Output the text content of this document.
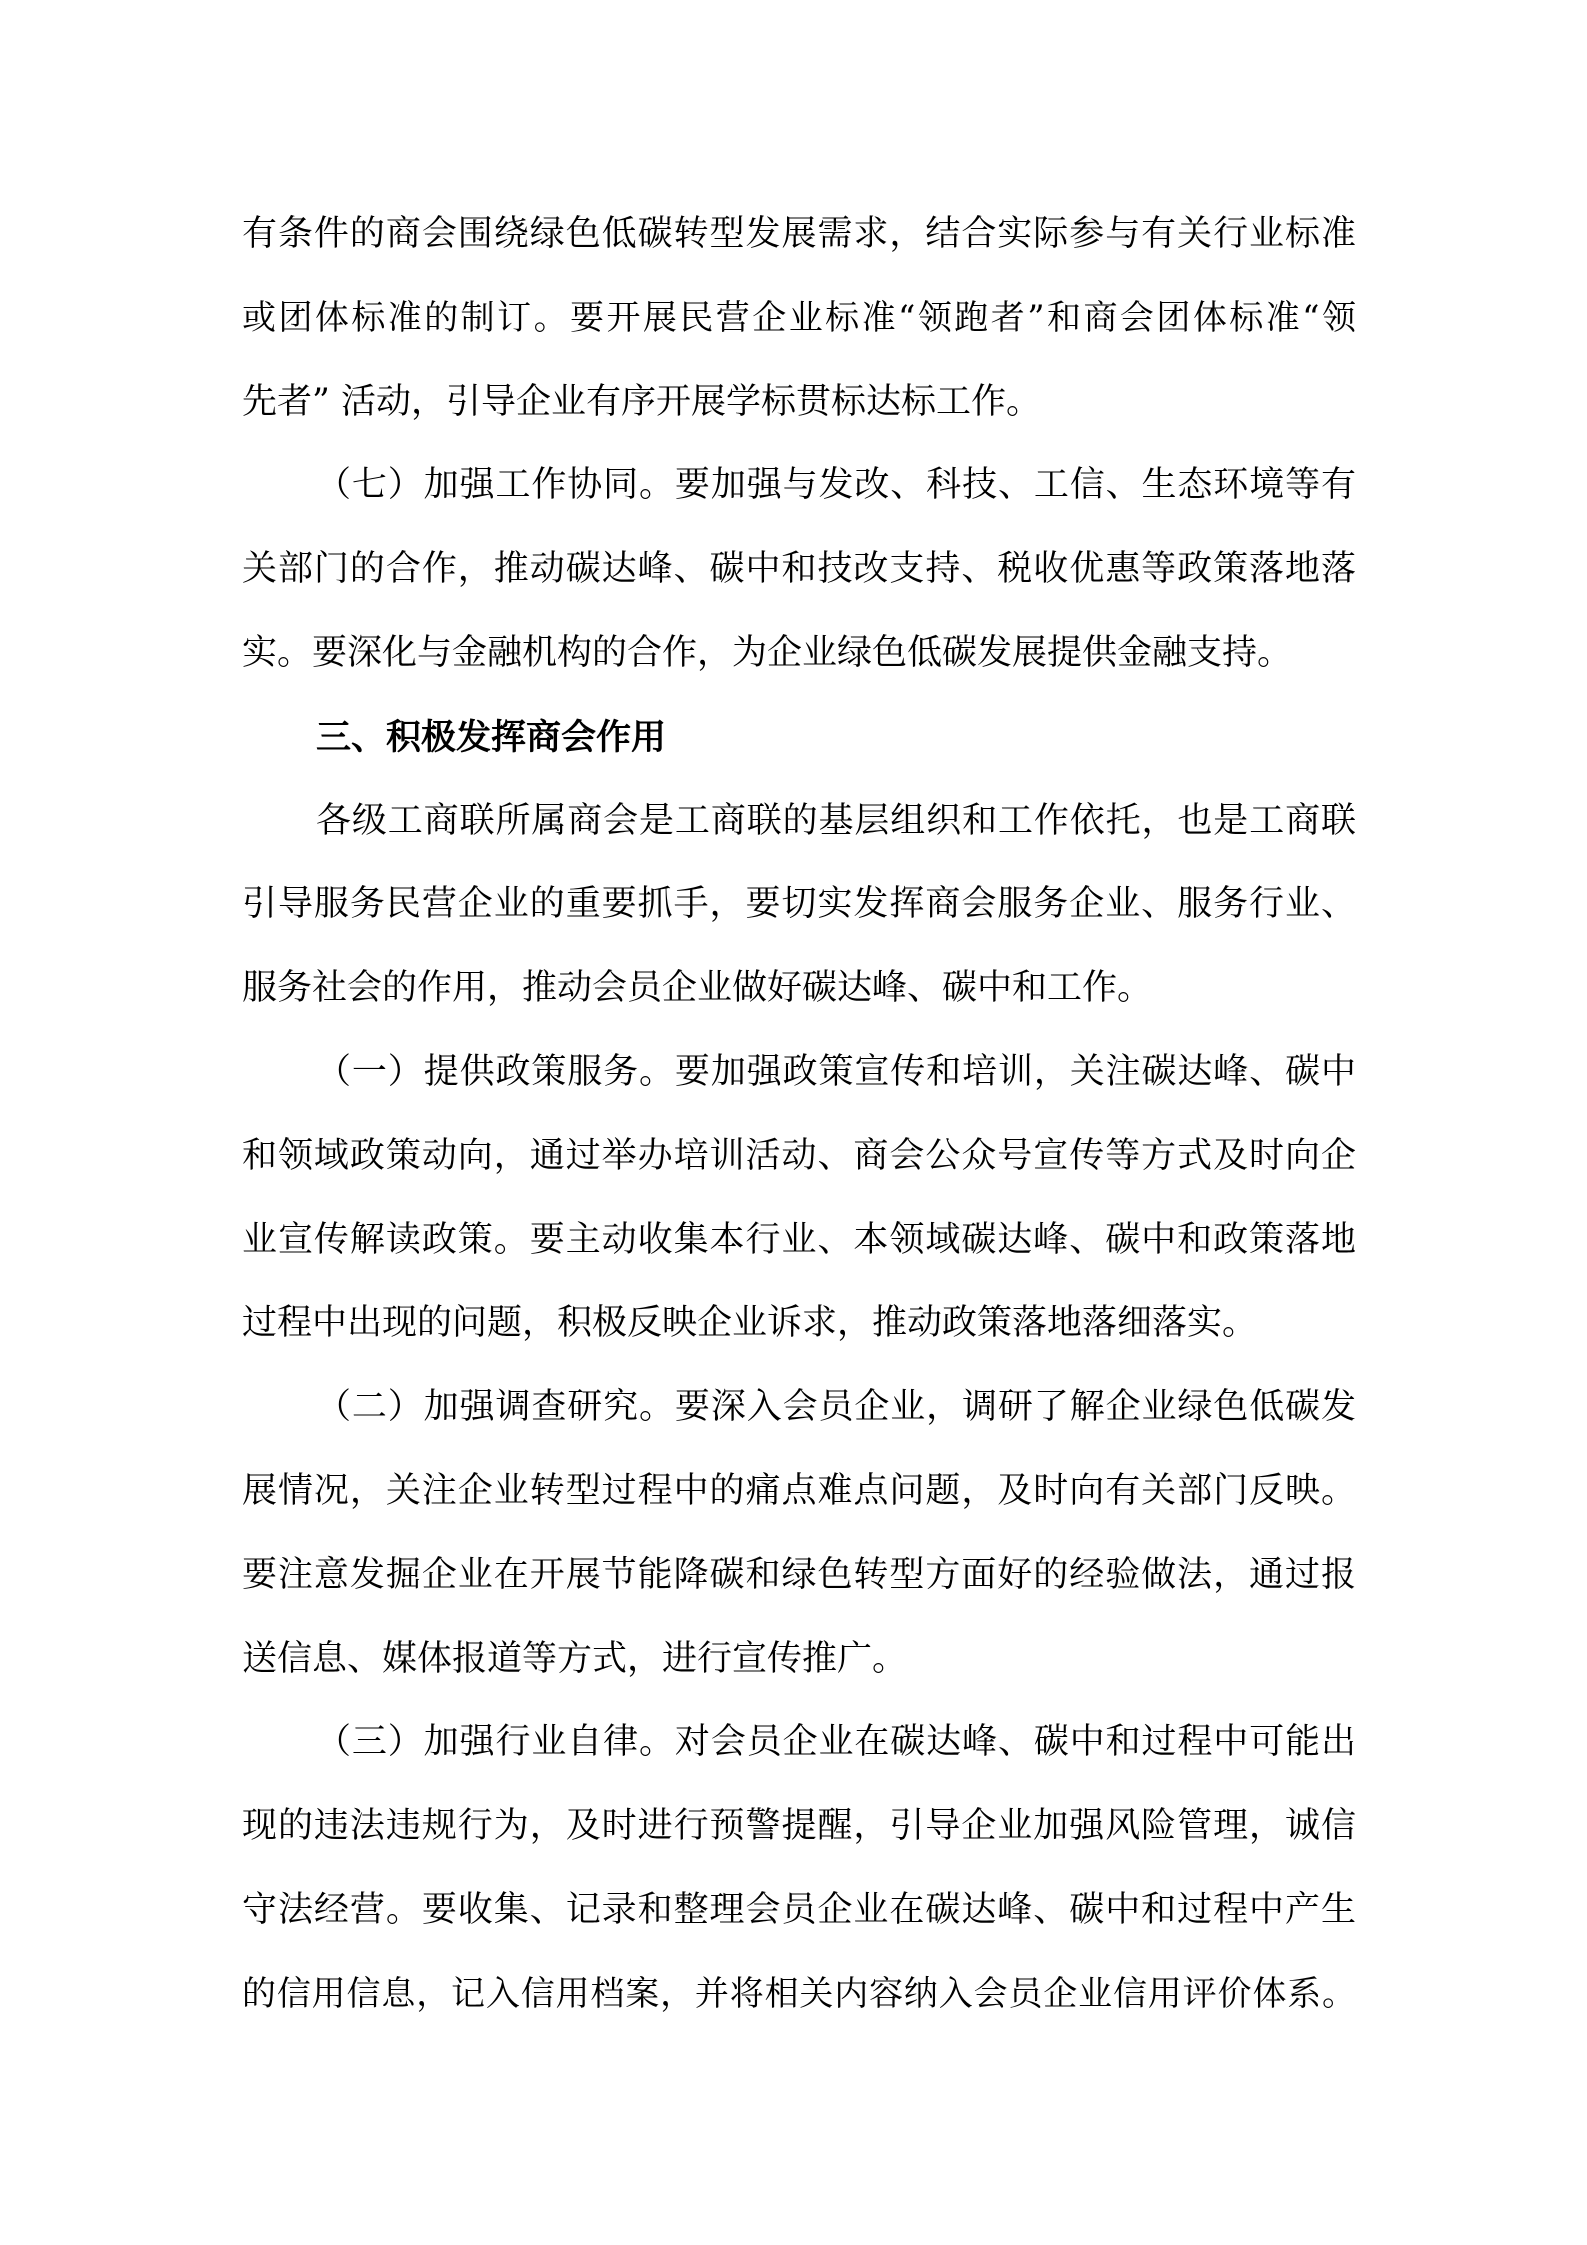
有条件的商会围绕绿色低碳转型发展需求，结合实际参与有关行业标准
或团体标准的制订。要开展民营企业标准“领跑者”和商会团体标准“领
先者” 活动，引导企业有序开展学标贯标达标工作。
（七）加强工作协同。要加强与发改、科技、工信、生态环境等有
关部门的合作，推动碳达峰、碳中和技改支持、税收优惠等政策落地落
实。要深化与金融机构的合作，为企业绿色低碳发展提供金融支持。
三、积极发挥商会作用
各级工商联所属商会是工商联的基层组织和工作依托，也是工商联
引导服务民营企业的重要抓手，要切实发挥商会服务企业、服务行业、
服务社会的作用，推动会员企业做好碳达峰、碳中和工作。
（一）提供政策服务。要加强政策宣传和培训，关注碳达峰、碳中
和领域政策动向，通过举办培训活动、商会公众号宣传等方式及时向企
业宣传解读政策。要主动收集本行业、本领域碳达峰、碳中和政策落地
过程中出现的问题，积极反映企业诉求，推动政策落地落细落实。
（二）加强调查研究。要深入会员企业，调研了解企业绿色低碳发
展情况，关注企业转型过程中的痛点难点问题，及时向有关部门反映。
要注意发掘企业在开展节能降碳和绿色转型方面好的经验做法，通过报
送信息、媒体报道等方式，进行宣传推广。
（三）加强行业自律。对会员企业在碳达峰、碳中和过程中可能出
现的违法违规行为，及时进行预警提醒，引导企业加强风险管理，诚信
守法经营。要收集、记录和整理会员企业在碳达峰、碳中和过程中产生
的信用信息，记入信用档案，并将相关内容纳入会员企业信用评价体系。
